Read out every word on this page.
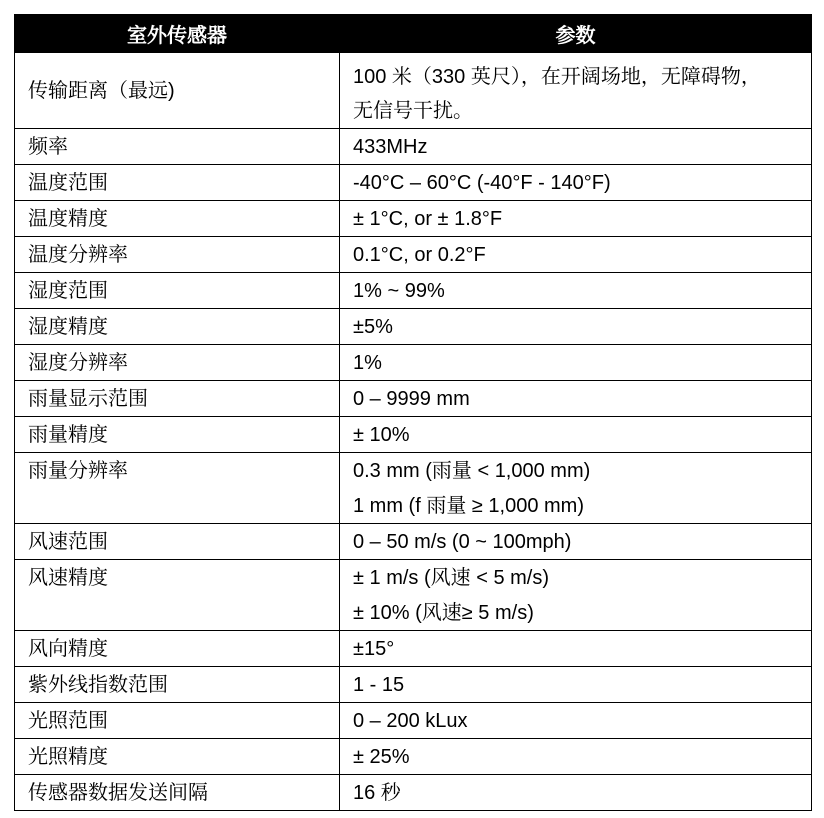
室外传感器	参数

传输距离（最远)	100 米（330 英尺），在开阔场地，无障碍物，
无信号干扰。

频率	433MHz

温度范围	-40°C – 60°C (-40°F - 140°F)

温度精度	± 1°C, or ± 1.8°F

温度分辨率	0.1°C, or 0.2°F

湿度范围	1% ~ 99%

湿度精度	±5%

湿度分辨率	1%

雨量显示范围	0 – 9999 mm

雨量精度	± 10%

雨量分辨率	0.3 mm (雨量 < 1,000 mm)
1 mm (f 雨量 ≥ 1,000 mm)

风速范围	0 – 50 m/s (0 ~ 100mph)

风速精度	± 1 m/s (风速 < 5 m/s)
± 10% (风速≥ 5 m/s)

风向精度	±15°

紫外线指数范围	1 - 15

光照范围	0 – 200 kLux

光照精度	± 25%

传感器数据发送间隔	16 秒
